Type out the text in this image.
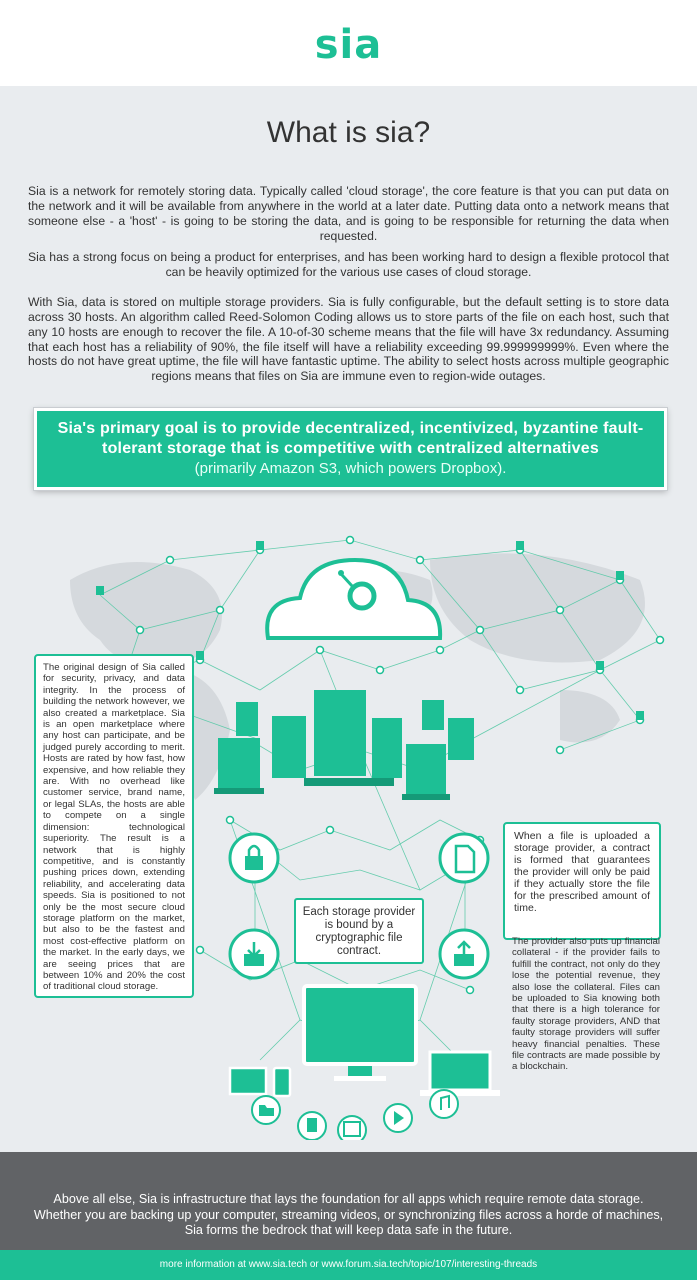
sia
What is sia?

Sia is a network for remotely storing data. Typically called 'cloud storage', the core feature is that you can put data on the network and it will be available from anywhere in the world at a later date. Putting data onto a network means that someone else - a 'host' - is going to be storing the data, and is going to be responsible for returning the data when requested.

Sia has a strong focus on being a product for enterprises, and has been working hard to design a flexible protocol that can be heavily optimized for the various use cases of cloud storage.

With Sia, data is stored on multiple storage providers. Sia is fully configurable, but the default setting is to store data across 30 hosts. An algorithm called Reed-Solomon Coding allows us to store parts of the file on each host, such that any 10 hosts are enough to recover the file. A 10-of-30 scheme means that the file will have 3x redundancy. Assuming that each host has a reliability of 90%, the file itself will have a reliability exceeding 99.999999999%. Even where the hosts do not have great uptime, the file will have fantastic uptime. The ability to select hosts across multiple geographic regions means that files on Sia are immune even to region-wide outages.

Sia's primary goal is to provide decentralized, incentivized, byzantine fault-tolerant storage that is competitive with centralized alternatives
(primarily Amazon S3, which powers Dropbox).
The original design of Sia called for security, privacy, and data integrity. In the process of building the network however, we also created a marketplace. Sia is an open marketplace where any host can participate, and be judged purely according to merit. Hosts are rated by how fast, how expensive, and how reliable they are. With no overhead like customer service, brand name, or legal SLAs, the hosts are able to compete on a single dimension: technological superiority. The result is a network that is highly competitive, and is constantly pushing prices down, extending reliability, and accelerating data speeds. Sia is positioned to not only be the most secure cloud storage platform on the market, but also to be the fastest and most cost-effective platform on the market. In the early days, we are seeing prices that are between 10% and 20% the cost of traditional cloud storage.
Each storage provider is bound by a cryptographic file contract.
When a file is uploaded a storage provider, a contract is formed that guarantees the provider will only be paid if they actually store the file for the prescribed amount of time.
The provider also puts up financial collateral - if the provider fails to fulfill the contract, not only do they lose the potential revenue, they also lose the collateral. Files can be uploaded to Sia knowing both that there is a high tolerance for faulty storage providers, AND that faulty storage providers will suffer heavy financial penalties. These file contracts are made possible by a blockchain.

Above all else, Sia is infrastructure that lays the foundation for all apps which require remote data storage. Whether you are backing up your computer, streaming videos, or synchronizing files across a horde of machines, Sia forms the bedrock that will keep data safe in the future.

more information at www.sia.tech or www.forum.sia.tech/topic/107/interesting-threads
